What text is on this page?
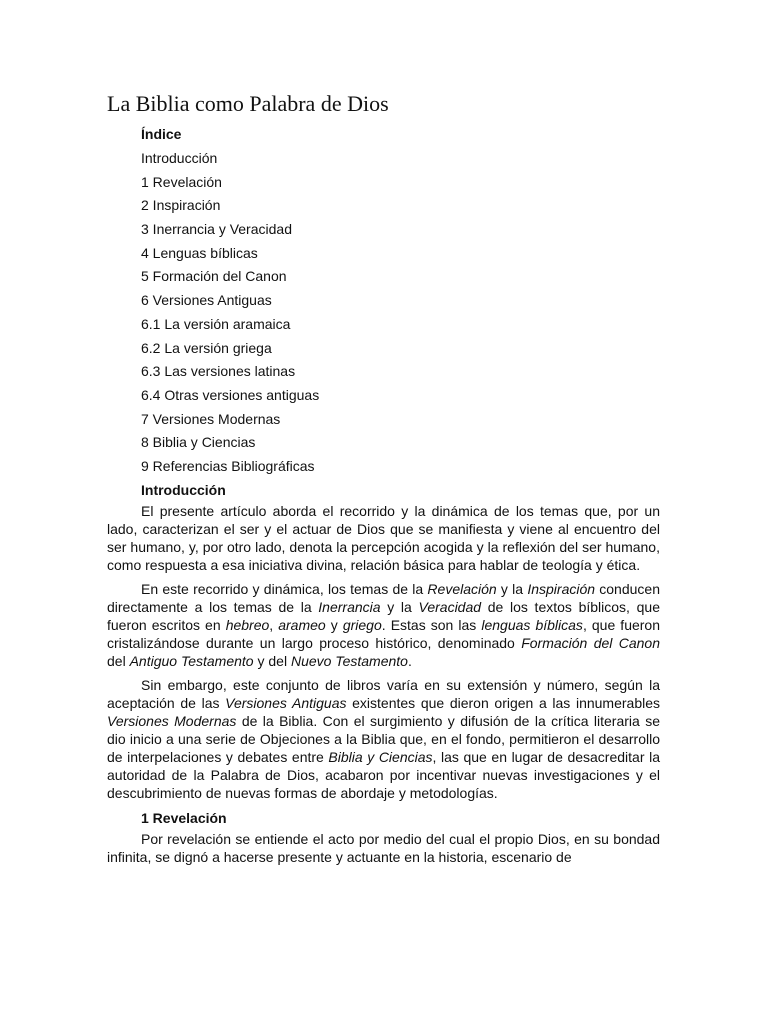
La Biblia como Palabra de Dios
Índice
Introducción
1 Revelación
2 Inspiración
3 Inerrancia y Veracidad
4 Lenguas bíblicas
5 Formación del Canon
6 Versiones Antiguas
6.1 La versión aramaica
6.2 La versión griega
6.3 Las versiones latinas
6.4 Otras versiones antiguas
7 Versiones Modernas
8 Biblia y Ciencias
9 Referencias Bibliográficas
Introducción

El presente artículo aborda el recorrido y la dinámica de los temas que, por un lado, caracterizan el ser y el actuar de Dios que se manifiesta y viene al encuentro del ser humano, y, por otro lado, denota la percepción acogida y la reflexión del ser humano, como respuesta a esa iniciativa divina, relación básica para hablar de teología y ética.

En este recorrido y dinámica, los temas de la Revelación y la Inspiración conducen directamente a los temas de la Inerrancia y la Veracidad de los textos bíblicos, que fueron escritos en hebreo, arameo y griego. Estas son las lenguas bíblicas, que fueron cristalizándose durante un largo proceso histórico, denominado Formación del Canon del Antiguo Testamento y del Nuevo Testamento.

Sin embargo, este conjunto de libros varía en su extensión y número, según la aceptación de las Versiones Antiguas existentes que dieron origen a las innumerables Versiones Modernas de la Biblia. Con el surgimiento y difusión de la crítica literaria se dio inicio a una serie de Objeciones a la Biblia que, en el fondo, permitieron el desarrollo de interpelaciones y debates entre Biblia y Ciencias, las que en lugar de desacreditar la autoridad de la Palabra de Dios, acabaron por incentivar nuevas investigaciones y el descubrimiento de nuevas formas de abordaje y metodologías.

1 Revelación

Por revelación se entiende el acto por medio del cual el propio Dios, en su bondad infinita, se dignó a hacerse presente y actuante en la historia, escenario de
